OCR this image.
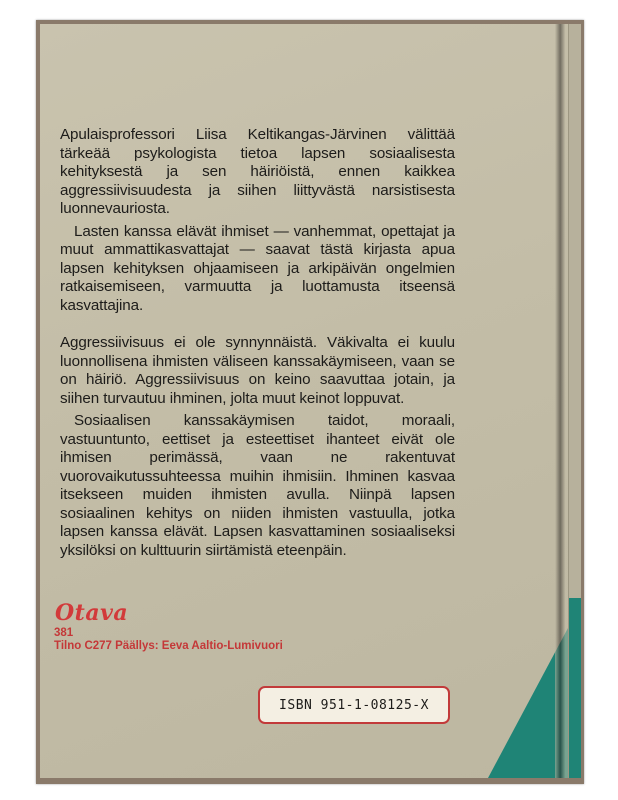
Apulaisprofessori Liisa Keltikangas-Järvinen välittää tärkeää psykologista tietoa lapsen sosiaalisesta kehityksestä ja sen häiriöistä, ennen kaikkea aggressiivisuudesta ja siihen liittyvästä narsistisesta luonnevauriosta.

Lasten kanssa elävät ihmiset — vanhemmat, opettajat ja muut ammattikasvattajat — saavat tästä kirjasta apua lapsen kehityksen ohjaamiseen ja arkipäivän ongelmien ratkaisemiseen, varmuutta ja luottamusta itseensä kasvattajina.

Aggressiivisuus ei ole synnynnäistä. Väkivalta ei kuulu luonnollisena ihmisten väliseen kanssakäymiseen, vaan se on häiriö. Aggressiivisuus on keino saavuttaa jotain, ja siihen turvautuu ihminen, jolta muut keinot loppuvat.

Sosiaalisen kanssakäymisen taidot, moraali, vastuuntunto, eettiset ja esteettiset ihanteet eivät ole ihmisen perimässä, vaan ne rakentuvat vuorovaikutussuhteessa muihin ihmisiin. Ihminen kasvaa itsekseen muiden ihmisten avulla. Niinpä lapsen sosiaalinen kehitys on niiden ihmisten vastuulla, jotka lapsen kanssa elävät. Lapsen kasvattaminen sosiaaliseksi yksilöksi on kulttuurin siirtämistä eteenpäin.

Otava
381
Tilno C277 Päällys: Eeva Aaltio-Lumivuori
ISBN 951-1-08125-X
